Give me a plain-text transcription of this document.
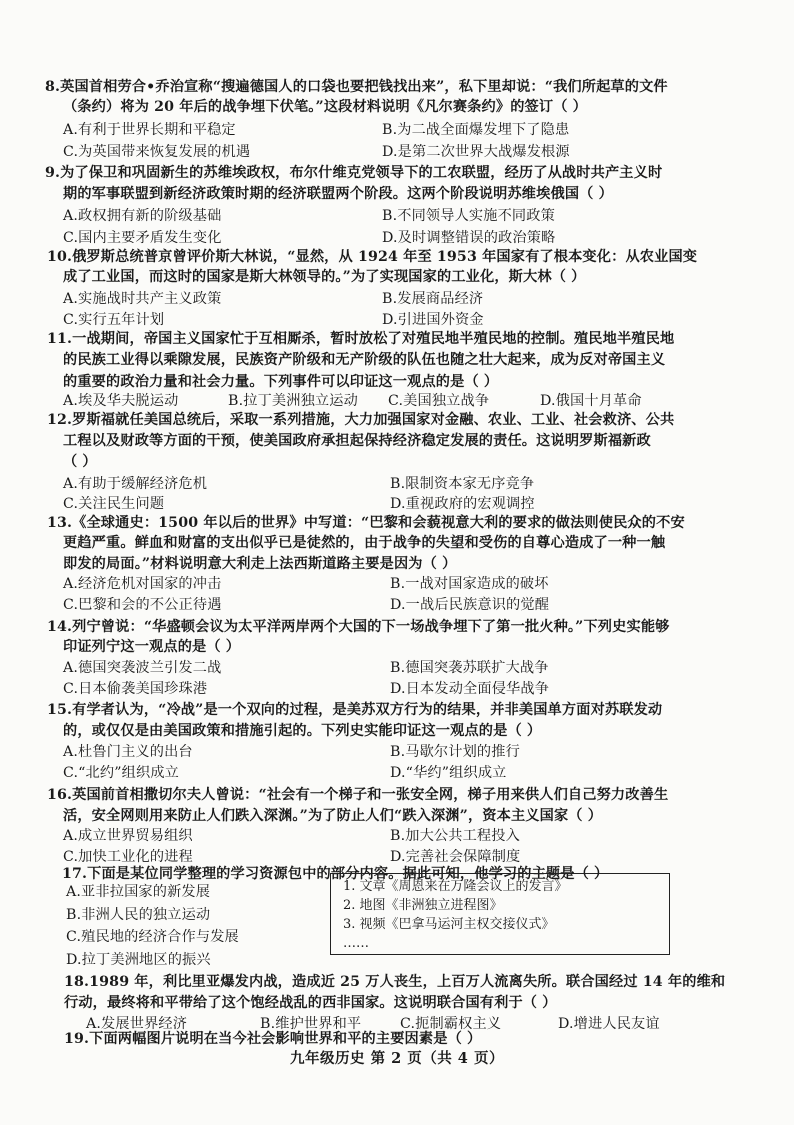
8.英国首相劳合•乔治宣称“搜遍德国人的口袋也要把钱找出来”，私下里却说：“我们所起草的文件
（条约）将为 20 年后的战争埋下伏笔。”这段材料说明《凡尔赛条约》的签订（ ）
A.有利于世界长期和平稳定	B.为二战全面爆发埋下了隐患
C.为英国带来恢复发展的机遇	D.是第二次世界大战爆发根源
9.为了保卫和巩固新生的苏维埃政权，布尔什维克党领导下的工农联盟，经历了从战时共产主义时
期的军事联盟到新经济政策时期的经济联盟两个阶段。这两个阶段说明苏维埃俄国（ ）
A.政权拥有新的阶级基础	B.不同领导人实施不同政策
C.国内主要矛盾发生变化	D.及时调整错误的政治策略
10.俄罗斯总统普京曾评价斯大林说，“显然，从 1924 年至 1953 年国家有了根本变化：从农业国变
成了工业国，而这时的国家是斯大林领导的。”为了实现国家的工业化，斯大林（ ）
A.实施战时共产主义政策	B.发展商品经济
C.实行五年计划	D.引进国外资金
11.一战期间，帝国主义国家忙于互相厮杀，暂时放松了对殖民地半殖民地的控制。殖民地半殖民地
的民族工业得以乘隙发展，民族资产阶级和无产阶级的队伍也随之壮大起来，成为反对帝国主义
的重要的政治力量和社会力量。下列事件可以印证这一观点的是（ ）
A.埃及华夫脱运动	B.拉丁美洲独立运动 C.美国独立战争	D.俄国十月革命
12.罗斯福就任美国总统后，采取一系列措施，大力加强国家对金融、农业、工业、社会救济、公共
工程以及财政等方面的干预，使美国政府承担起保持经济稳定发展的责任。这说明罗斯福新政
（ ）
A.有助于缓解经济危机	B.限制资本家无序竞争
C.关注民生问题	D.重视政府的宏观调控
13.《全球通史：1500 年以后的世界》中写道：“巴黎和会藐视意大利的要求的做法则使民众的不安
更趋严重。鲜血和财富的支出似乎已是徒然的，由于战争的失望和受伤的自尊心造成了一种一触
即发的局面。”材料说明意大利走上法西斯道路主要是因为（ ）
A.经济危机对国家的冲击	B.一战对国家造成的破坏
C.巴黎和会的不公正待遇	D.一战后民族意识的觉醒
14.列宁曾说：“华盛顿会议为太平洋两岸两个大国的下一场战争埋下了第一批火种。”下列史实能够
印证列宁这一观点的是（ ）
A.德国突袭波兰引发二战	B.德国突袭苏联扩大战争
C.日本偷袭美国珍珠港	D.日本发动全面侵华战争
15.有学者认为，“冷战”是一个双向的过程，是美苏双方行为的结果，并非美国单方面对苏联发动
的，或仅仅是由美国政策和措施引起的。下列史实能印证这一观点的是（ ）
A.杜鲁门主义的出台	B.马歇尔计划的推行
C.“北约”组织成立	D.“华约”组织成立
16.英国前首相撒切尔夫人曾说：“社会有一个梯子和一张安全网，梯子用来供人们自己努力改善生
活，安全网则用来防止人们跌入深渊。”为了防止人们“跌入深渊”，资本主义国家（ ）
A.成立世界贸易组织	B.加大公共工程投入
C.加快工业化的进程	D.完善社会保障制度
17.下面是某位同学整理的学习资源包中的部分内容。据此可知，他学习的主题是（ ）
A.亚非拉国家的新发展
B.非洲人民的独立运动
C.殖民地的经济合作与发展
D.拉丁美洲地区的振兴
1. 文章《周恩来在万隆会议上的发言》
2. 地图《非洲独立进程图》
3. 视频《巴拿马运河主权交接仪式》
……
18.1989 年，利比里亚爆发内战，造成近 25 万人丧生，上百万人流离失所。联合国经过 14 年的维和
行动，最终将和平带给了这个饱经战乱的西非国家。这说明联合国有利于（ ）
A.发展世界经济	B.维护世界和平	C.扼制霸权主义	D.增进人民友谊
19.下面两幅图片说明在当今社会影响世界和平的主要因素是（ ）
九年级历史 第 2 页（共 4 页）
